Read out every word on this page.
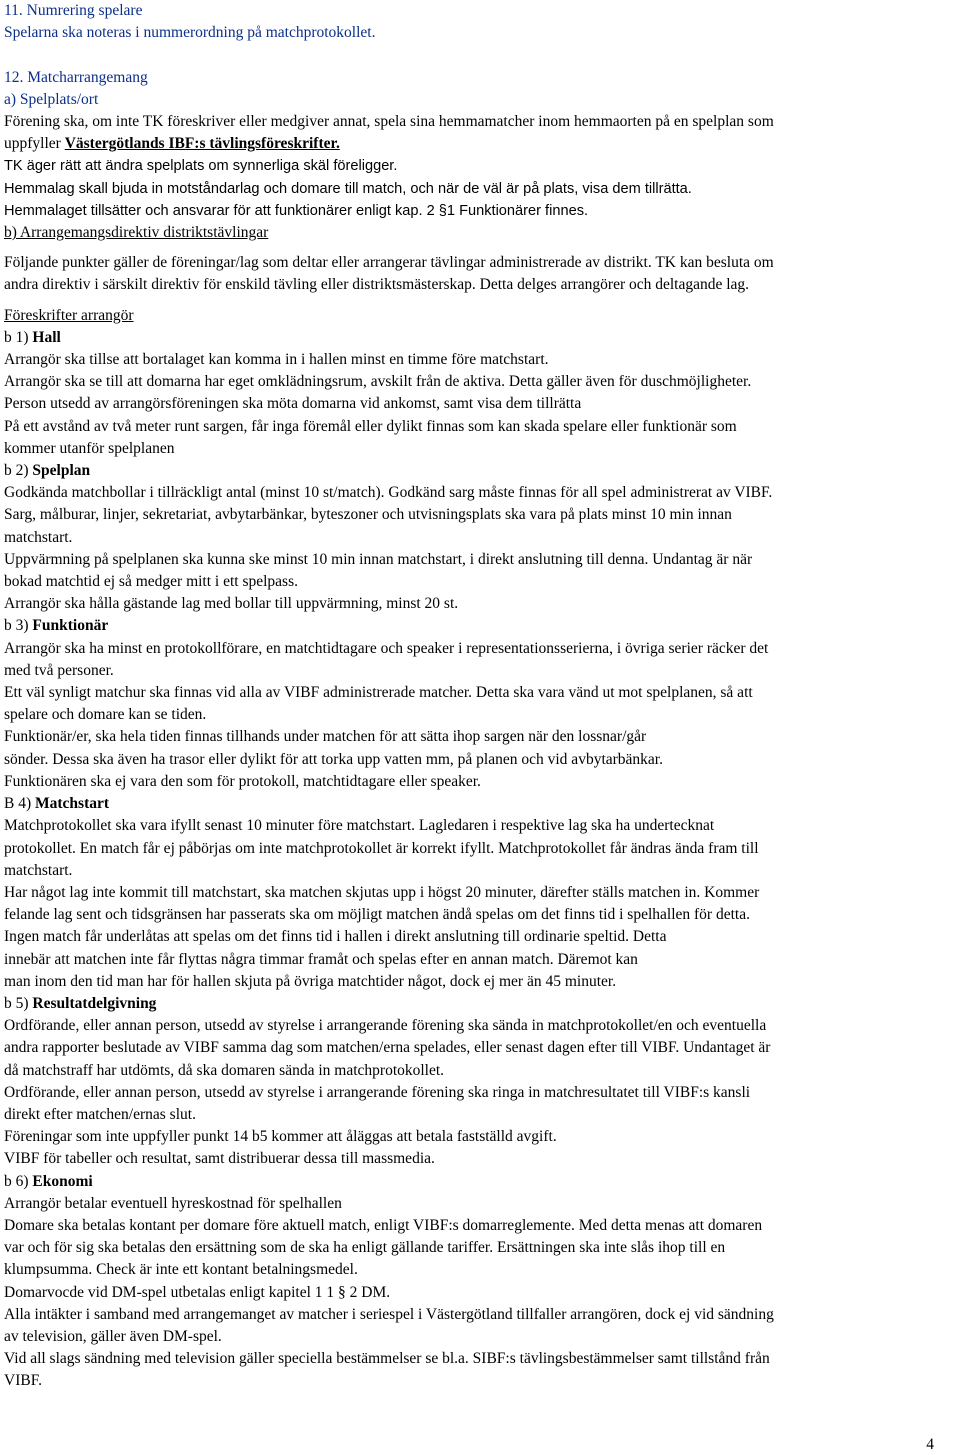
11. Numrering spelare

Spelarna ska noteras i nummerordning på matchprotokollet.

12. Matcharrangemang

a) Spelplats/ort

Förening ska, om inte TK föreskriver eller medgiver annat, spela sina hemmamatcher inom hemmaorten på en spelplan som

uppfyller Västergötlands IBF:s tävlingsföreskrifter.

TK äger rätt att ändra spelplats om synnerliga skäl föreligger.

Hemmalag skall bjuda in motståndarlag och domare till match, och när de väl är på plats, visa dem tillrätta.

Hemmalaget tillsätter och ansvarar för att funktionärer enligt kap. 2 §1 Funktionärer finnes.

b) Arrangemangsdirektiv distriktstävlingar

Följande punkter gäller de föreningar/lag som deltar eller arrangerar tävlingar administrerade av distrikt. TK kan besluta om

andra direktiv i särskilt direktiv för enskild tävling eller distriktsmästerskap. Detta delges arrangörer och deltagande lag.

Föreskrifter arrangör

b 1) Hall

Arrangör ska tillse att bortalaget kan komma in i hallen minst en timme före matchstart.

Arrangör ska se till att domarna har eget omklädningsrum, avskilt från de aktiva. Detta gäller även för duschmöjligheter.

Person utsedd av arrangörsföreningen ska möta domarna vid ankomst, samt visa dem tillrätta

På ett avstånd av två meter runt sargen, får inga föremål eller dylikt finnas som kan skada spelare eller funktionär som

kommer utanför spelplanen

b 2) Spelplan

Godkända matchbollar i tillräckligt antal (minst 10 st/match). Godkänd sarg måste finnas för all spel administrerat av VIBF.

Sarg, målburar, linjer, sekretariat, avbytarbänkar, byteszoner och utvisningsplats ska vara på plats minst 10 min innan

matchstart.

Uppvärmning på spelplanen ska kunna ske minst 10 min innan matchstart, i direkt anslutning till denna. Undantag är när

bokad matchtid ej så medger mitt i ett spelpass.

Arrangör ska hålla gästande lag med bollar till uppvärmning, minst 20 st.

b 3) Funktionär

Arrangör ska ha minst en protokollförare, en matchtidtagare och speaker i representationsserierna, i övriga serier räcker det

med två personer.

Ett väl synligt matchur ska finnas vid alla av VIBF administrerade matcher. Detta ska vara vänd ut mot spelplanen, så att

spelare och domare kan se tiden.

Funktionär/er, ska hela tiden finnas tillhands under matchen för att sätta ihop sargen när den lossnar/går

sönder. Dessa ska även ha trasor eller dylikt för att torka upp vatten mm, på planen och vid avbytarbänkar.

Funktionären ska ej vara den som för protokoll, matchtidtagare eller speaker.

B 4) Matchstart

Matchprotokollet ska vara ifyllt senast 10 minuter före matchstart. Lagledaren i respektive lag ska ha undertecknat

protokollet. En match får ej påbörjas om inte matchprotokollet är korrekt ifyllt. Matchprotokollet får ändras ända fram till

matchstart.

Har något lag inte kommit till matchstart, ska matchen skjutas upp i högst 20 minuter, därefter ställs matchen in. Kommer

felande lag sent och tidsgränsen har passerats ska om möjligt matchen ändå spelas om det finns tid i spelhallen för detta.

Ingen match får underlåtas att spelas om det finns tid i hallen i direkt anslutning till ordinarie speltid. Detta

innebär att matchen inte får flyttas några timmar framåt och spelas efter en annan match. Däremot kan

man inom den tid man har för hallen skjuta på övriga matchtider något, dock ej mer än 45 minuter.

b 5) Resultatdelgivning

Ordförande, eller annan person, utsedd av styrelse i arrangerande förening ska sända in matchprotokollet/en och eventuella

andra rapporter beslutade av VIBF samma dag som matchen/erna spelades, eller senast dagen efter till VIBF. Undantaget är

då matchstraff har utdömts, då ska domaren sända in matchprotokollet.

Ordförande, eller annan person, utsedd av styrelse i arrangerande förening ska ringa in matchresultatet till VIBF:s kansli

direkt efter matchen/ernas slut.

Föreningar som inte uppfyller punkt 14 b5 kommer att åläggas att betala fastställd avgift.

VIBF för tabeller och resultat, samt distribuerar dessa till massmedia.

b 6) Ekonomi

Arrangör betalar eventuell hyreskostnad för spelhallen

Domare ska betalas kontant per domare före aktuell match, enligt VIBF:s domarreglemente. Med detta menas att domaren

var och för sig ska betalas den ersättning som de ska ha enligt gällande tariffer. Ersättningen ska inte slås ihop till en

klumpsumma. Check är inte ett kontant betalningsmedel.

Domarvocde vid DM-spel utbetalas enligt kapitel 1 1 § 2 DM.

Alla intäkter i samband med arrangemanget av matcher i seriespel i Västergötland tillfaller arrangören, dock ej vid sändning

av television, gäller även DM-spel.

Vid all slags sändning med television gäller speciella bestämmelser se bl.a. SIBF:s tävlingsbestämmelser samt tillstånd från

VIBF.

4
